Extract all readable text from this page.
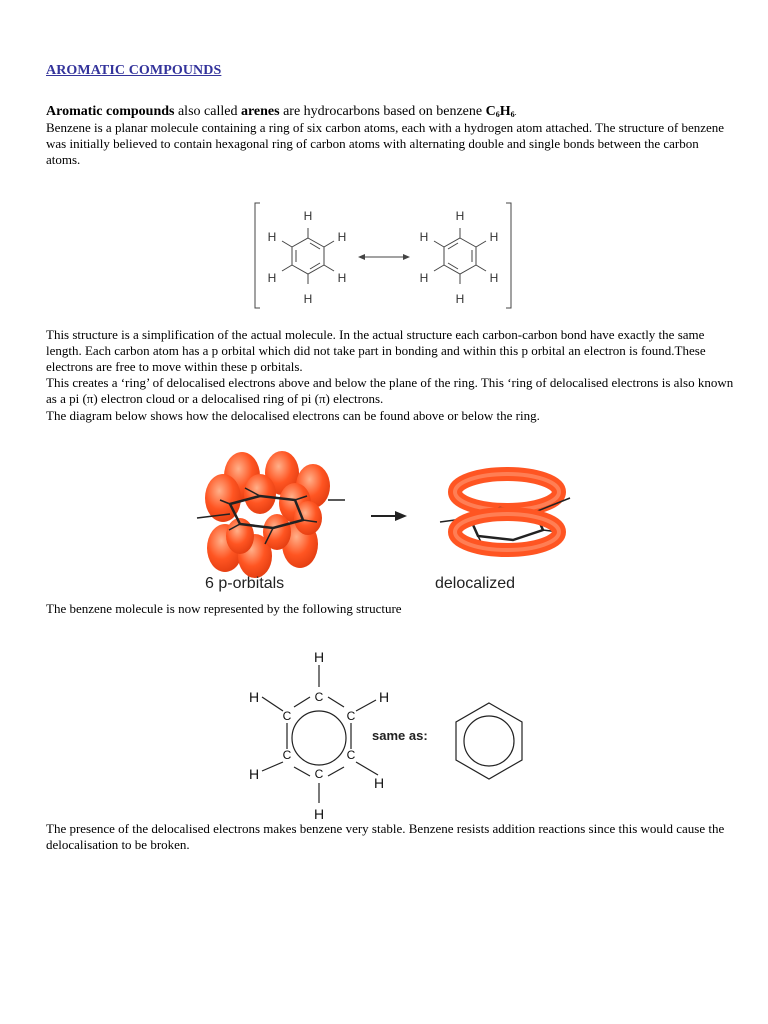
AROMATIC COMPOUNDS

Aromatic compounds also called arenes are hydrocarbons based on benzene $C_6H_6$.

Benzene is a planar molecule containing a ring of six carbon atoms, each with a hydrogen atom attached. The structure of benzene was initially believed to contain hexagonal ring of carbon atoms with alternating double and single bonds between the carbon atoms.

H
H
H
H
H
H
H
H
H
H
H
H

This structure is a simplification of the actual molecule. In the actual structure each carbon-carbon bond have exactly the same length. Each carbon atom has a p orbital which did not take part in bonding and within this p orbital an electron is found.These electrons are free to move within these p orbitals.

This creates a ‘ring’ of delocalised electrons above and below the plane of the ring. This ‘ring of delocalised electrons is also known as a pi (π) electron cloud or a delocalised ring of pi (π) electrons.

The diagram below shows how the delocalised electrons can be found above or below the ring.

6 p-orbitals	delocalized

The benzene molecule is now represented by the following structure

H
H	H
H
H
H
C
C	C
C	C
C
same as:

The presence of the delocalised electrons makes benzene very stable. Benzene resists addition reactions since this would cause the delocalisation to be broken.
